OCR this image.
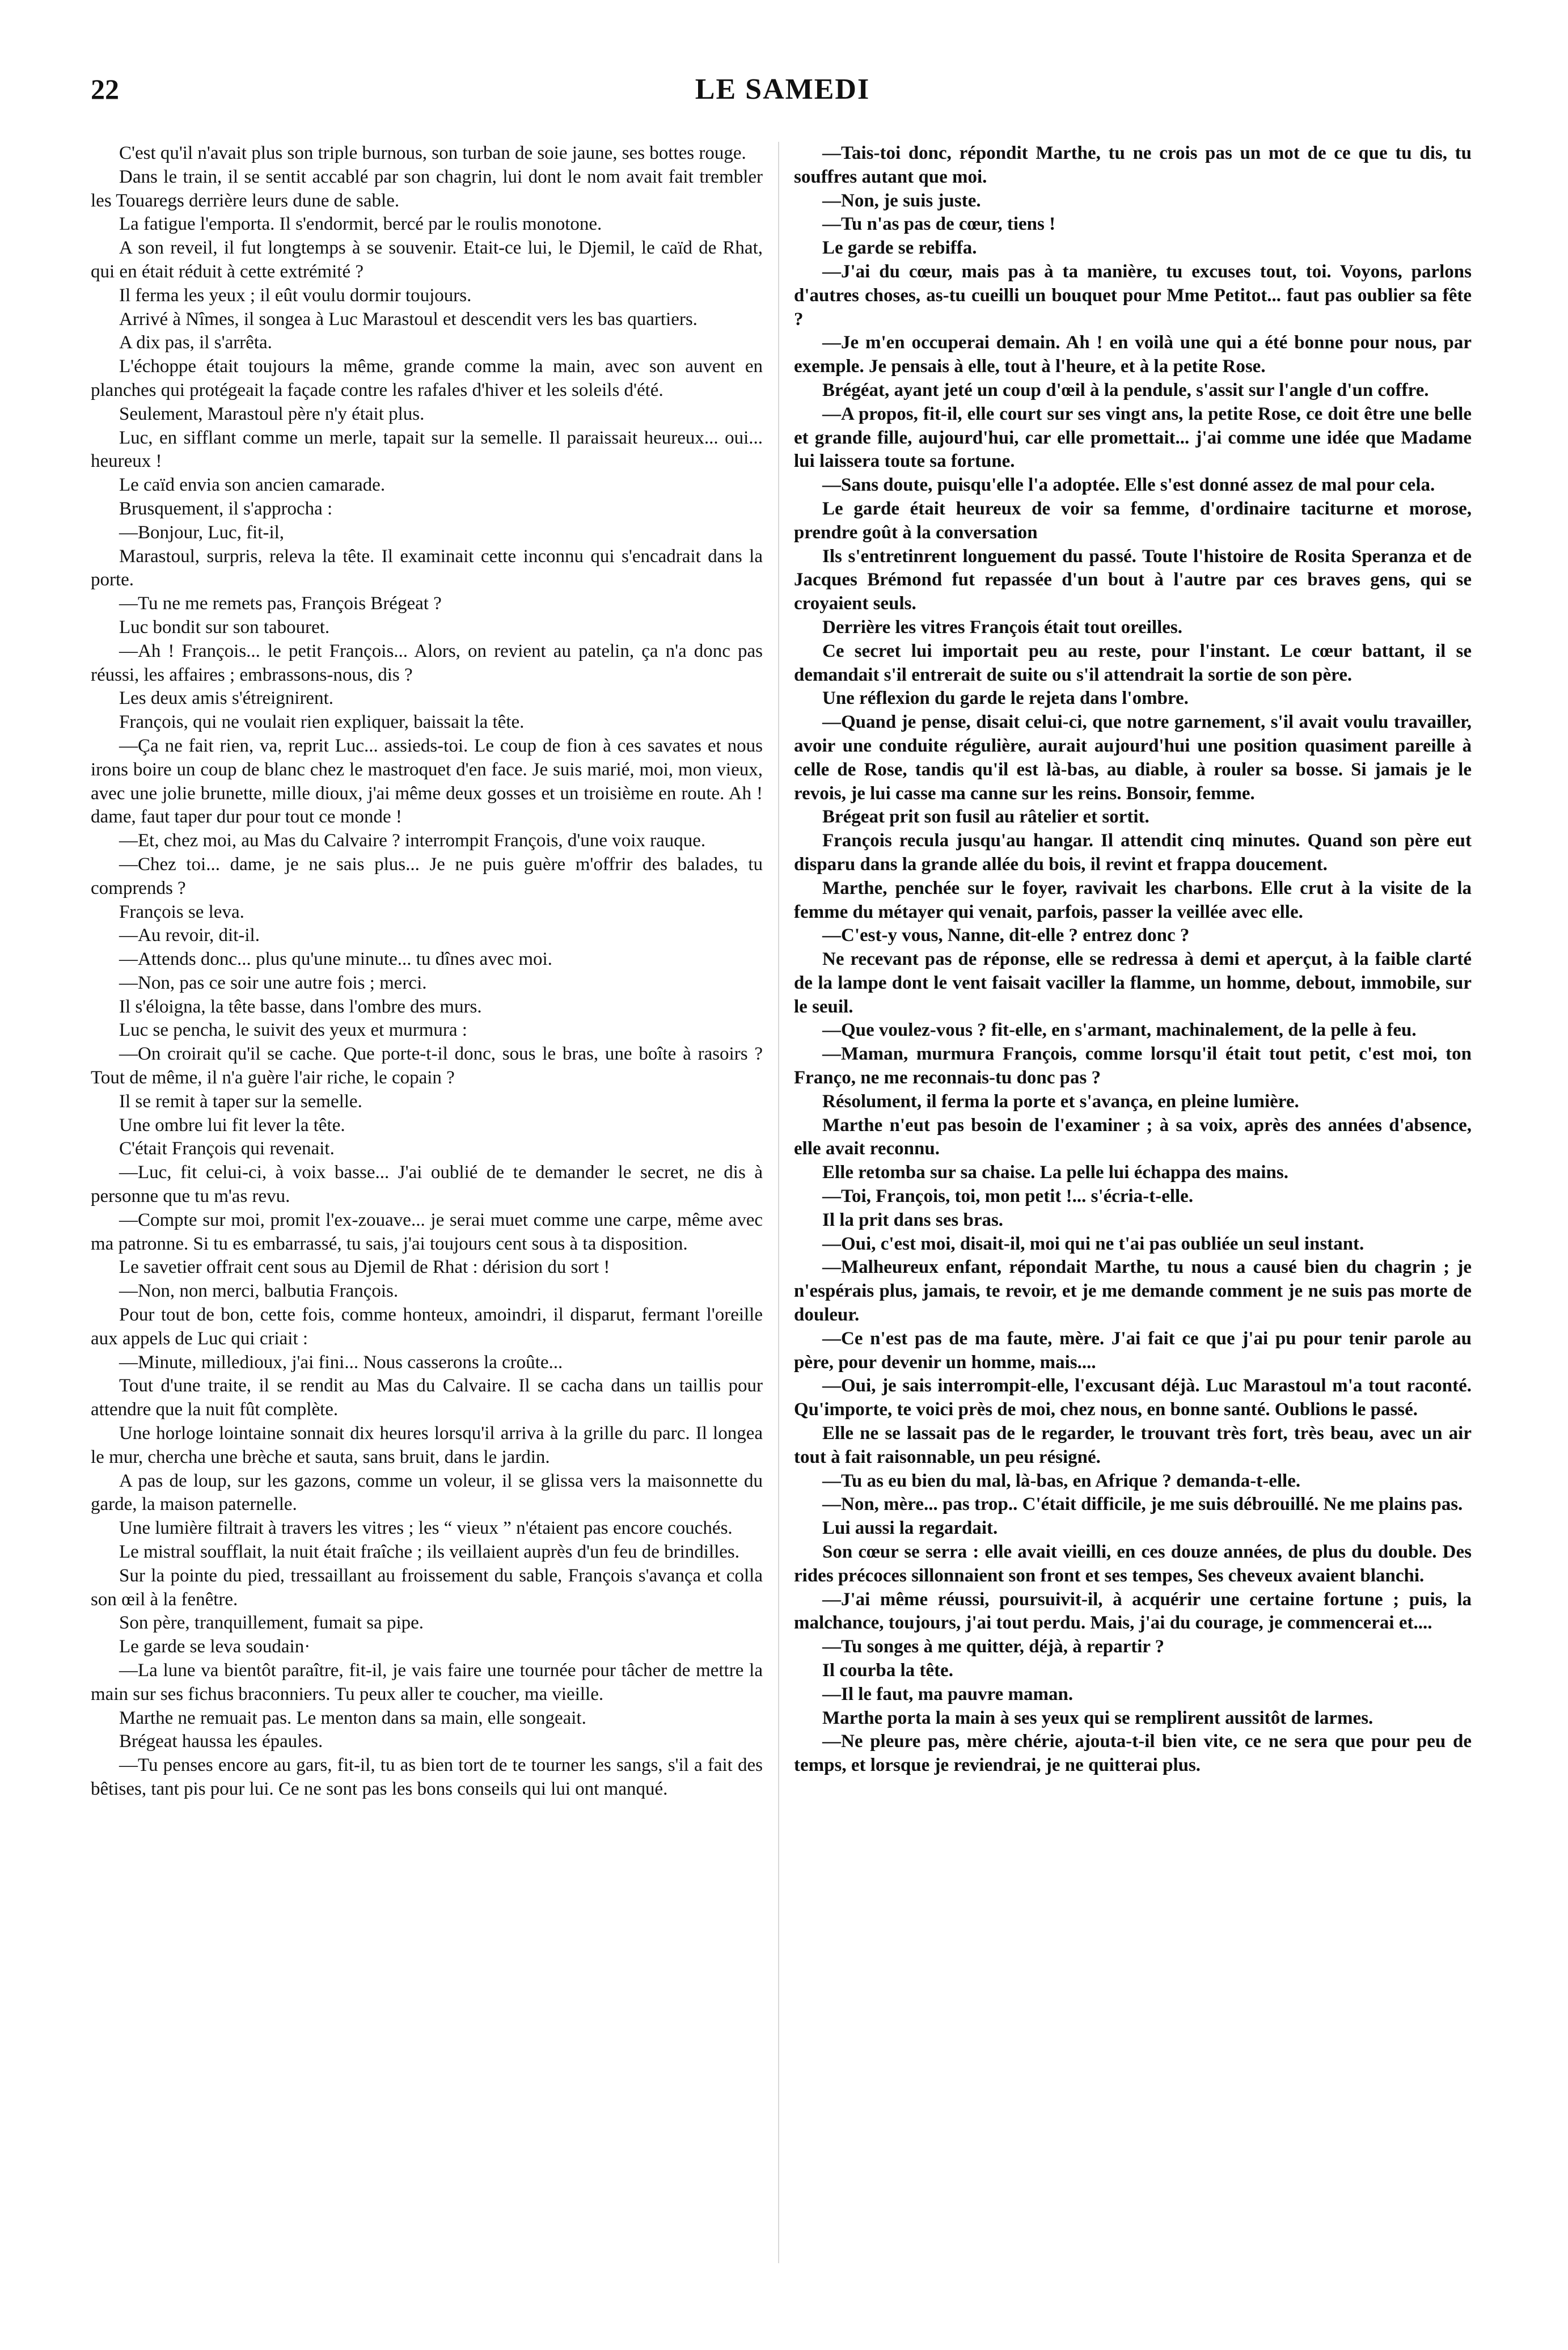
22	LE SAMEDI

C'est qu'il n'avait plus son triple burnous, son turban de soie jaune, ses bottes rouge.

Dans le train, il se sentit accablé par son chagrin, lui dont le nom avait fait trembler les Touaregs derrière leurs dune de sable.

La fatigue l'emporta. Il s'endormit, bercé par le roulis monotone.

A son reveil, il fut longtemps à se souvenir. Etait-ce lui, le Djemil, le caïd de Rhat, qui en était réduit à cette extrémité ?

Il ferma les yeux ; il eût voulu dormir toujours.

Arrivé à Nîmes, il songea à Luc Marastoul et descendit vers les bas quartiers.

A dix pas, il s'arrêta.

L'échoppe était toujours la même, grande comme la main, avec son auvent en planches qui protégeait la façade contre les rafales d'hiver et les soleils d'été.

Seulement, Marastoul père n'y était plus.

Luc, en sifflant comme un merle, tapait sur la semelle. Il paraissait heureux... oui... heureux !

Le caïd envia son ancien camarade.

Brusquement, il s'approcha :

—Bonjour, Luc, fit-il,

Marastoul, surpris, releva la tête. Il examinait cette inconnu qui s'encadrait dans la porte.

—Tu ne me remets pas, François Brégeat ?

Luc bondit sur son tabouret.

—Ah ! François... le petit François... Alors, on revient au patelin, ça n'a donc pas réussi, les affaires ; embrassons-nous, dis ?

Les deux amis s'étreignirent.

François, qui ne voulait rien expliquer, baissait la tête.

—Ça ne fait rien, va, reprit Luc... assieds-toi. Le coup de fion à ces savates et nous irons boire un coup de blanc chez le mastroquet d'en face. Je suis marié, moi, mon vieux, avec une jolie brunette, mille dioux, j'ai même deux gosses et un troisième en route. Ah ! dame, faut taper dur pour tout ce monde !

—Et, chez moi, au Mas du Calvaire ? interrompit François, d'une voix rauque.

—Chez toi... dame, je ne sais plus... Je ne puis guère m'offrir des balades, tu comprends ?

François se leva.

—Au revoir, dit-il.

—Attends donc... plus qu'une minute... tu dînes avec moi.

—Non, pas ce soir une autre fois ; merci.

Il s'éloigna, la tête basse, dans l'ombre des murs.

Luc se pencha, le suivit des yeux et murmura :

—On croirait qu'il se cache. Que porte-t-il donc, sous le bras, une boîte à rasoirs ? Tout de même, il n'a guère l'air riche, le copain ?

Il se remit à taper sur la semelle.

Une ombre lui fit lever la tête.

C'était François qui revenait.

—Luc, fit celui-ci, à voix basse... J'ai oublié de te demander le secret, ne dis à personne que tu m'as revu.

—Compte sur moi, promit l'ex-zouave... je serai muet comme une carpe, même avec ma patronne. Si tu es embarrassé, tu sais, j'ai toujours cent sous à ta disposition.

Le savetier offrait cent sous au Djemil de Rhat : dérision du sort !

—Non, non merci, balbutia François.

Pour tout de bon, cette fois, comme honteux, amoindri, il disparut, fermant l'oreille aux appels de Luc qui criait :

—Minute, milledioux, j'ai fini... Nous casserons la croûte...

Tout d'une traite, il se rendit au Mas du Calvaire. Il se cacha dans un taillis pour attendre que la nuit fût complète.

Une horloge lointaine sonnait dix heures lorsqu'il arriva à la grille du parc. Il longea le mur, chercha une brèche et sauta, sans bruit, dans le jardin.

A pas de loup, sur les gazons, comme un voleur, il se glissa vers la maisonnette du garde, la maison paternelle.

Une lumière filtrait à travers les vitres ; les “ vieux ” n'étaient pas encore couchés.

Le mistral soufflait, la nuit était fraîche ; ils veillaient auprès d'un feu de brindilles.

Sur la pointe du pied, tressaillant au froissement du sable, François s'avança et colla son œil à la fenêtre.

Son père, tranquillement, fumait sa pipe.

Le garde se leva soudain·

—La lune va bientôt paraître, fit-il, je vais faire une tournée pour tâcher de mettre la main sur ses fichus braconniers. Tu peux aller te coucher, ma vieille.

Marthe ne remuait pas. Le menton dans sa main, elle songeait.

Brégeat haussa les épaules.

—Tu penses encore au gars, fit-il, tu as bien tort de te tourner les sangs, s'il a fait des bêtises, tant pis pour lui. Ce ne sont pas les bons conseils qui lui ont manqué.

—Tais-toi donc, répondit Marthe, tu ne crois pas un mot de ce que tu dis, tu souffres autant que moi.

—Non, je suis juste.

—Tu n'as pas de cœur, tiens !

Le garde se rebiffa.

—J'ai du cœur, mais pas à ta manière, tu excuses tout, toi. Voyons, parlons d'autres choses, as-tu cueilli un bouquet pour Mme Petitot... faut pas oublier sa fête ?

—Je m'en occuperai demain. Ah ! en voilà une qui a été bonne pour nous, par exemple. Je pensais à elle, tout à l'heure, et à la petite Rose.

Brégéat, ayant jeté un coup d'œil à la pendule, s'assit sur l'angle d'un coffre.

—A propos, fit-il, elle court sur ses vingt ans, la petite Rose, ce doit être une belle et grande fille, aujourd'hui, car elle promettait... j'ai comme une idée que Madame lui laissera toute sa fortune.

—Sans doute, puisqu'elle l'a adoptée. Elle s'est donné assez de mal pour cela.

Le garde était heureux de voir sa femme, d'ordinaire taciturne et morose, prendre goût à la conversation

Ils s'entretinrent longuement du passé. Toute l'histoire de Rosita Speranza et de Jacques Brémond fut repassée d'un bout à l'autre par ces braves gens, qui se croyaient seuls.

Derrière les vitres François était tout oreilles.

Ce secret lui importait peu au reste, pour l'instant. Le cœur battant, il se demandait s'il entrerait de suite ou s'il attendrait la sortie de son père.

Une réflexion du garde le rejeta dans l'ombre.

—Quand je pense, disait celui-ci, que notre garnement, s'il avait voulu travailler, avoir une conduite régulière, aurait aujourd'hui une position quasiment pareille à celle de Rose, tandis qu'il est là-bas, au diable, à rouler sa bosse. Si jamais je le revois, je lui casse ma canne sur les reins. Bonsoir, femme.

Brégeat prit son fusil au râtelier et sortit.

François recula jusqu'au hangar. Il attendit cinq minutes. Quand son père eut disparu dans la grande allée du bois, il revint et frappa doucement.

Marthe, penchée sur le foyer, ravivait les charbons. Elle crut à la visite de la femme du métayer qui venait, parfois, passer la veillée avec elle.

—C'est-y vous, Nanne, dit-elle ? entrez donc ?

Ne recevant pas de réponse, elle se redressa à demi et aperçut, à la faible clarté de la lampe dont le vent faisait vaciller la flamme, un homme, debout, immobile, sur le seuil.

—Que voulez-vous ? fit-elle, en s'armant, machinalement, de la pelle à feu.

—Maman, murmura François, comme lorsqu'il était tout petit, c'est moi, ton Franço, ne me reconnais-tu donc pas ?

Résolument, il ferma la porte et s'avança, en pleine lumière.

Marthe n'eut pas besoin de l'examiner ; à sa voix, après des années d'absence, elle avait reconnu.

Elle retomba sur sa chaise. La pelle lui échappa des mains.

—Toi, François, toi, mon petit !... s'écria-t-elle.

Il la prit dans ses bras.

—Oui, c'est moi, disait-il, moi qui ne t'ai pas oubliée un seul instant.

—Malheureux enfant, répondait Marthe, tu nous a causé bien du chagrin ; je n'espérais plus, jamais, te revoir, et je me demande comment je ne suis pas morte de douleur.

—Ce n'est pas de ma faute, mère. J'ai fait ce que j'ai pu pour tenir parole au père, pour devenir un homme, mais....

—Oui, je sais interrompit-elle, l'excusant déjà. Luc Marastoul m'a tout raconté. Qu'importe, te voici près de moi, chez nous, en bonne santé. Oublions le passé.

Elle ne se lassait pas de le regarder, le trouvant très fort, très beau, avec un air tout à fait raisonnable, un peu résigné.

—Tu as eu bien du mal, là-bas, en Afrique ? demanda-t-elle.

—Non, mère... pas trop.. C'était difficile, je me suis débrouillé. Ne me plains pas.

Lui aussi la regardait.

Son cœur se serra : elle avait vieilli, en ces douze années, de plus du double. Des rides précoces sillonnaient son front et ses tempes, Ses cheveux avaient blanchi.

—J'ai même réussi, poursuivit-il, à acquérir une certaine fortune ; puis, la malchance, toujours, j'ai tout perdu. Mais, j'ai du courage, je commencerai et....

—Tu songes à me quitter, déjà, à repartir ?

Il courba la tête.

—Il le faut, ma pauvre maman.

Marthe porta la main à ses yeux qui se remplirent aussitôt de larmes.

—Ne pleure pas, mère chérie, ajouta-t-il bien vite, ce ne sera que pour peu de temps, et lorsque je reviendrai, je ne quitterai plus.
